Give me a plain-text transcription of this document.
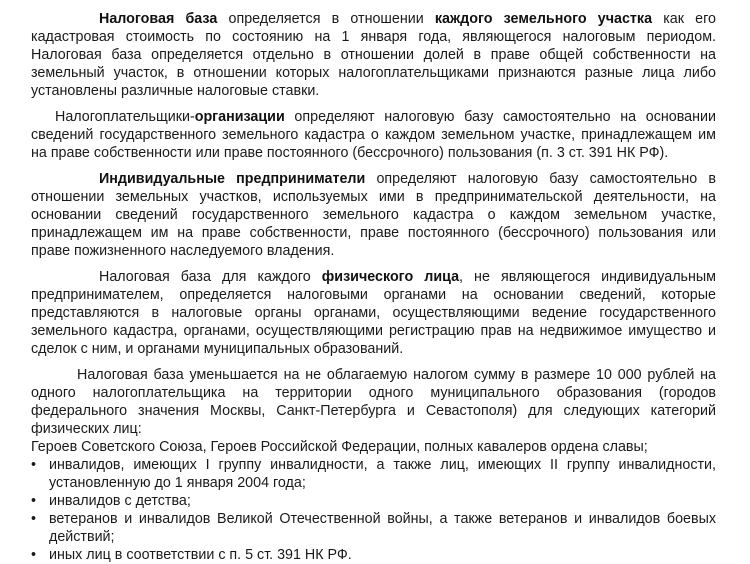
Налоговая база определяется в отношении каждого земельного участка как его кадастровая стоимость по состоянию на 1 января года, являющегося налоговым периодом. Налоговая база определяется отдельно в отношении долей в праве общей собственности на земельный участок, в отношении которых налогоплательщиками признаются разные лица либо установлены различные налоговые ставки.

Налогоплательщики-организации определяют налоговую базу самостоятельно на основании сведений государственного земельного кадастра о каждом земельном участке, принадлежащем им на праве собственности или праве постоянного (бессрочного) пользования (п. 3 ст. 391 НК РФ).

Индивидуальные предприниматели определяют налоговую базу самостоятельно в отношении земельных участков, используемых ими в предпринимательской деятельности, на основании сведений государственного земельного кадастра о каждом земельном участке, принадлежащем им на праве собственности, праве постоянного (бессрочного) пользования или праве пожизненного наследуемого владения.

Налоговая база для каждого физического лица, не являющегося индивидуальным предпринимателем, определяется налоговыми органами на основании сведений, которые представляются в налоговые органы органами, осуществляющими ведение государственного земельного кадастра, органами, осуществляющими регистрацию прав на недвижимое имущество и сделок с ним, и органами муниципальных образований.

Налоговая база уменьшается на не облагаемую налогом сумму в размере 10 000 рублей на одного налогоплательщика на территории одного муниципального образования (городов федерального значения Москвы, Санкт-Петербурга и Севастополя) для следующих категорий физических лиц:

Героев Советского Союза, Героев Российской Федерации, полных кавалеров ордена славы;

• инвалидов, имеющих I группу инвалидности, а также лиц, имеющих II группу инвалидности, установленную до 1 января 2004 года;
• инвалидов с детства;
• ветеранов и инвалидов Великой Отечественной войны, а также ветеранов и инвалидов боевых действий;
• иных лиц в соответствии с п. 5 ст. 391 НК РФ.
